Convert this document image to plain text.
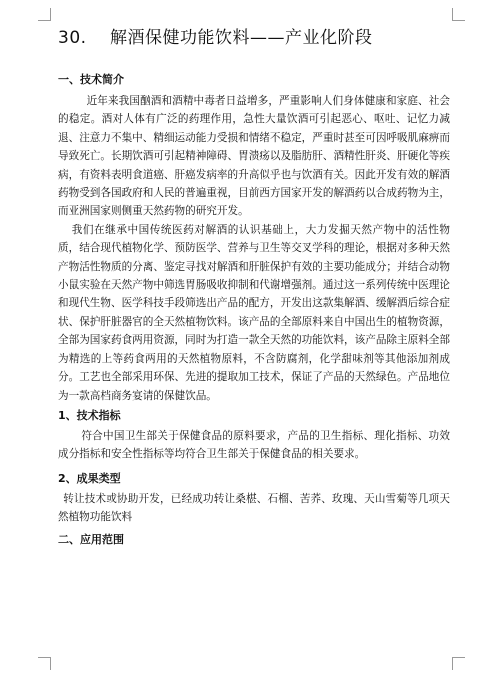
30. 解酒保健功能饮料——产业化阶段
一、技术简介

近年来我国酗酒和酒精中毒者日益增多，严重影响人们身体健康和家庭、社会的稳定。酒对人体有广泛的药理作用，急性大量饮酒可引起恶心、呕吐、记忆力减退、注意力不集中、精细运动能力受损和情绪不稳定，严重时甚至可因呼吸肌麻痹而导致死亡。长期饮酒可引起精神障碍、胃溃疡以及脂肪肝、酒精性肝炎、肝硬化等疾病，有资料表明食道癌、肝癌发病率的升高似乎也与饮酒有关。因此开发有效的解酒药物受到各国政府和人民的普遍重视，目前西方国家开发的解酒药以合成药物为主，而亚洲国家则侧重天然药物的研究开发。

我们在继承中国传统医药对解酒的认识基础上，大力发掘天然产物中的活性物质，结合现代植物化学、预防医学、营养与卫生等交叉学科的理论，根据对多种天然产物活性物质的分离、鉴定寻找对解酒和肝脏保护有效的主要功能成分；并结合动物小鼠实验在天然产物中筛选胃肠吸收抑制和代谢增强剂。通过这一系列传统中医理论和现代生物、医学科技手段筛选出产品的配方，开发出这款集解酒、缓解酒后综合症状、保护肝脏器官的全天然植物饮料。该产品的全部原料来自中国出生的植物资源，全部为国家药食两用资源，同时为打造一款全天然的功能饮料，该产品除主原料全部为精选的上等药食两用的天然植物原料，不含防腐剂，化学甜味剂等其他添加剂成分。工艺也全部采用环保、先进的提取加工技术，保证了产品的天然绿色。产品地位为一款高档商务宴请的保健饮品。

1、技术指标

符合中国卫生部关于保健食品的原料要求，产品的卫生指标、理化指标、功效成分指标和安全性指标等均符合卫生部关于保健食品的相关要求。

2、成果类型

转让技术或协助开发，已经成功转让桑椹、石榴、苦荞、玫瑰、天山雪菊等几项天然植物功能饮料

二、应用范围
